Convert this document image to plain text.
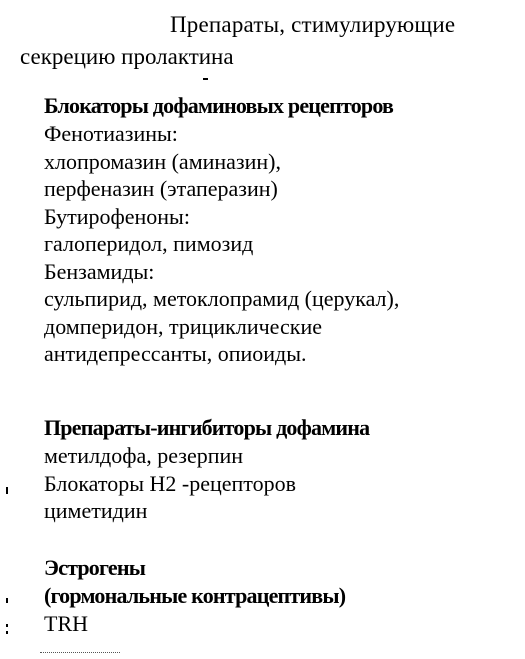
Препараты, стимулирующие
секрецию пролактина
Блокаторы дофаминовых рецепторов
Фенотиазины:
хлопромазин (аминазин),
перфеназин (этаперазин)
Бутирофеноны:
галоперидол, пимозид
Бензамиды:
сульпирид, метоклопрамид (церукал),
домперидон, трициклические
антидепрессанты, опиоиды.
Препараты-ингибиторы дофамина
метилдофа, резерпин
Блокаторы Н2 -рецепторов
циметидин
Эстрогены
(гормональные контрацептивы)
TRH
